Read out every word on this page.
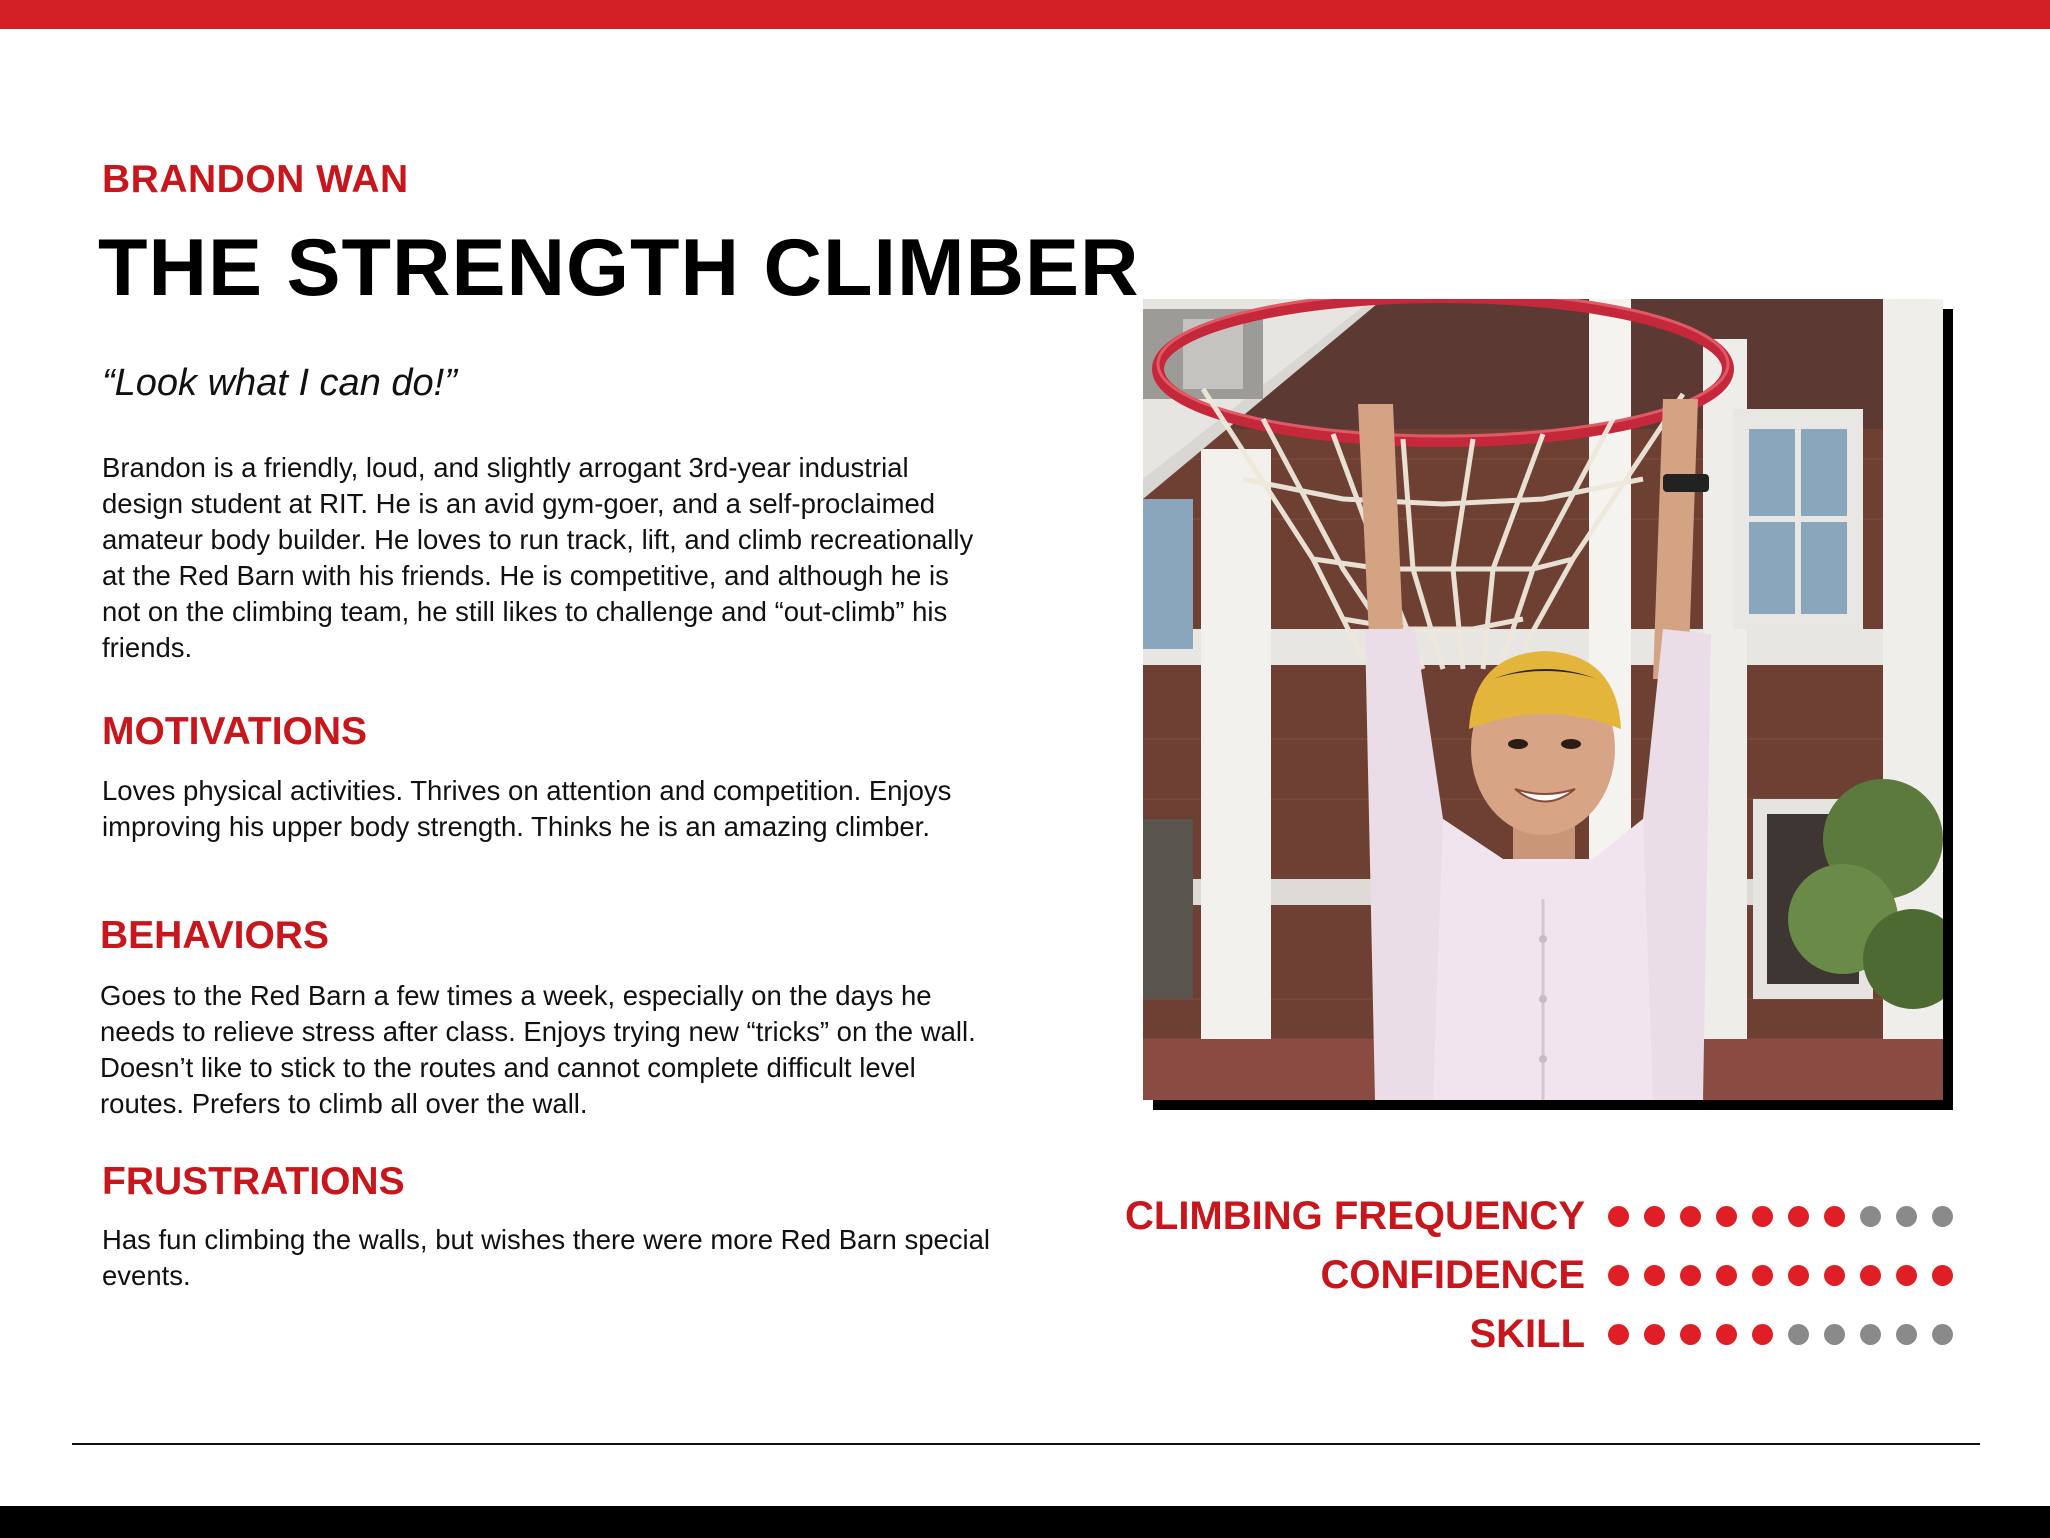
BRANDON WAN
THE STRENGTH CLIMBER

“Look what I can do!”

Brandon is a friendly, loud, and slightly arrogant 3rd-year industrial design student at RIT. He is an avid gym-goer, and a self-proclaimed amateur body builder. He loves to run track, lift, and climb recreationally at the Red Barn with his friends. He is competitive, and although he is not on the climbing team, he still likes to challenge and “out-climb” his friends.

MOTIVATIONS

Loves physical activities. Thrives on attention and competition. Enjoys improving his upper body strength. Thinks he is an amazing climber.

BEHAVIORS

Goes to the Red Barn a few times a week, especially on the days he needs to relieve stress after class. Enjoys trying new “tricks” on the wall. Doesn’t like to stick to the routes and cannot complete difficult level routes. Prefers to climb all over the wall.

FRUSTRATIONS

Has fun climbing the walls, but wishes there were more Red Barn special events.

CLIMBING FREQUENCY
CONFIDENCE
SKILL
